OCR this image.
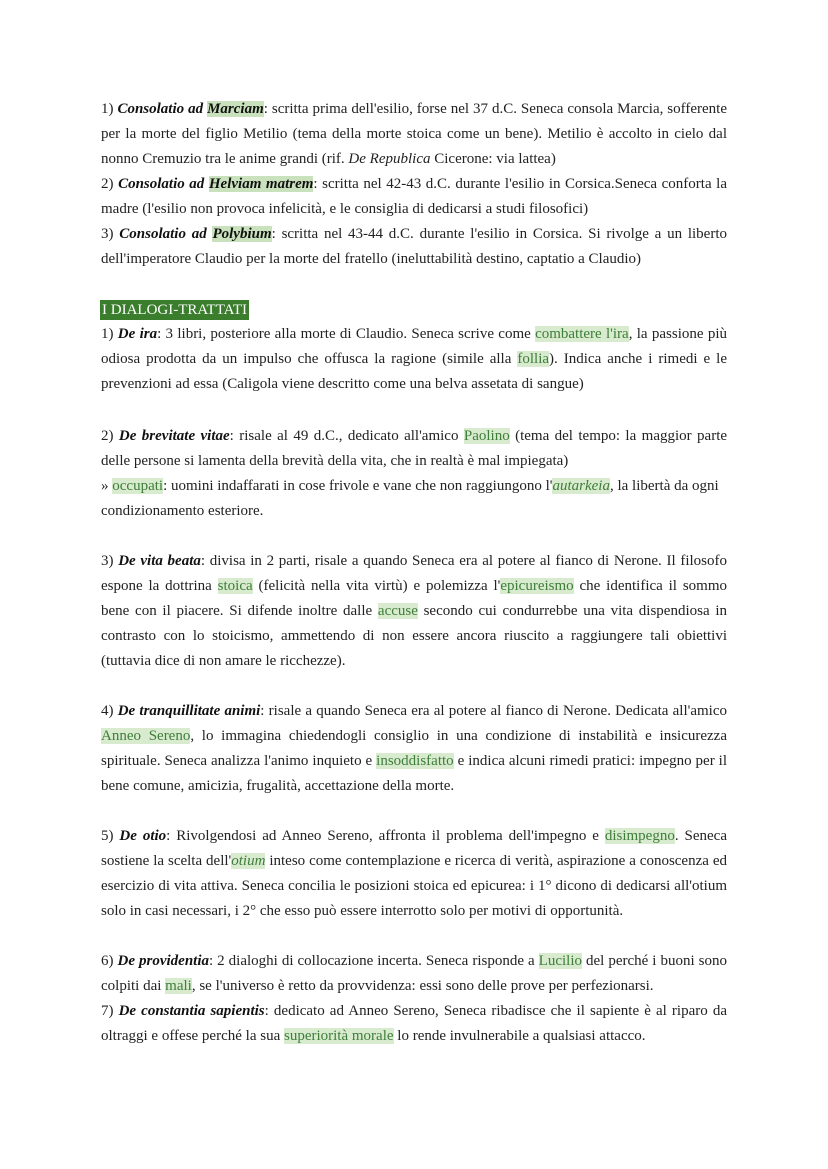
1) Consolatio ad Marciam: scritta prima dell'esilio, forse nel 37 d.C. Seneca consola Marcia, sofferente per la morte del figlio Metilio (tema della morte stoica come un bene). Metilio è accolto in cielo dal nonno Cremuzio tra le anime grandi (rif. De Republica Cicerone: via lattea)

2) Consolatio ad Helviam matrem: scritta nel 42-43 d.C. durante l'esilio in Corsica.Seneca conforta la madre (l'esilio non provoca infelicità, e le consiglia di dedicarsi a studi filosofici)

3) Consolatio ad Polybium: scritta nel 43-44 d.C. durante l'esilio in Corsica. Si rivolge a un liberto dell'imperatore Claudio per la morte del fratello (ineluttabilità destino, captatio a Claudio)

I DIALOGI-TRATTATI

1) De ira: 3 libri, posteriore alla morte di Claudio. Seneca scrive come combattere l'ira, la passione più odiosa prodotta da un impulso che offusca la ragione (simile alla follia). Indica anche i rimedi e le prevenzioni ad essa (Caligola viene descritto come una belva assetata di sangue)

2) De brevitate vitae: risale al 49 d.C., dedicato all'amico Paolino (tema del tempo: la maggior parte delle persone si lamenta della brevità della vita, che in realtà è mal impiegata)

» occupati: uomini indaffarati in cose frivole e vane che non raggiungono l'autarkeia, la libertà da ogni condizionamento esteriore.

3) De vita beata: divisa in 2 parti, risale a quando Seneca era al potere al fianco di Nerone. Il filosofo espone la dottrina stoica (felicità nella vita virtù) e polemizza l'epicureismo che identifica il sommo bene con il piacere. Si difende inoltre dalle accuse secondo cui condurrebbe una vita dispendiosa in contrasto con lo stoicismo, ammettendo di non essere ancora riuscito a raggiungere tali obiettivi (tuttavia dice di non amare le ricchezze).

4) De tranquillitate animi: risale a quando Seneca era al potere al fianco di Nerone. Dedicata all'amico Anneo Sereno, lo immagina chiedendogli consiglio in una condizione di instabilità e insicurezza spirituale. Seneca analizza l'animo inquieto e insoddisfatto e indica alcuni rimedi pratici: impegno per il bene comune, amicizia, frugalità, accettazione della morte.

5) De otio: Rivolgendosi ad Anneo Sereno, affronta il problema dell'impegno e disimpegno. Seneca sostiene la scelta dell'otium inteso come contemplazione e ricerca di verità, aspirazione a conoscenza ed esercizio di vita attiva. Seneca concilia le posizioni stoica ed epicurea: i 1° dicono di dedicarsi all'otium solo in casi necessari, i 2° che esso può essere interrotto solo per motivi di opportunità.

6) De providentia: 2 dialoghi di collocazione incerta. Seneca risponde a Lucilio del perché i buoni sono colpiti dai mali, se l'universo è retto da provvidenza: essi sono delle prove per perfezionarsi.

7) De constantia sapientis: dedicato ad Anneo Sereno, Seneca ribadisce che il sapiente è al riparo da oltraggi e offese perché la sua superiorità morale lo rende invulnerabile a qualsiasi attacco.
